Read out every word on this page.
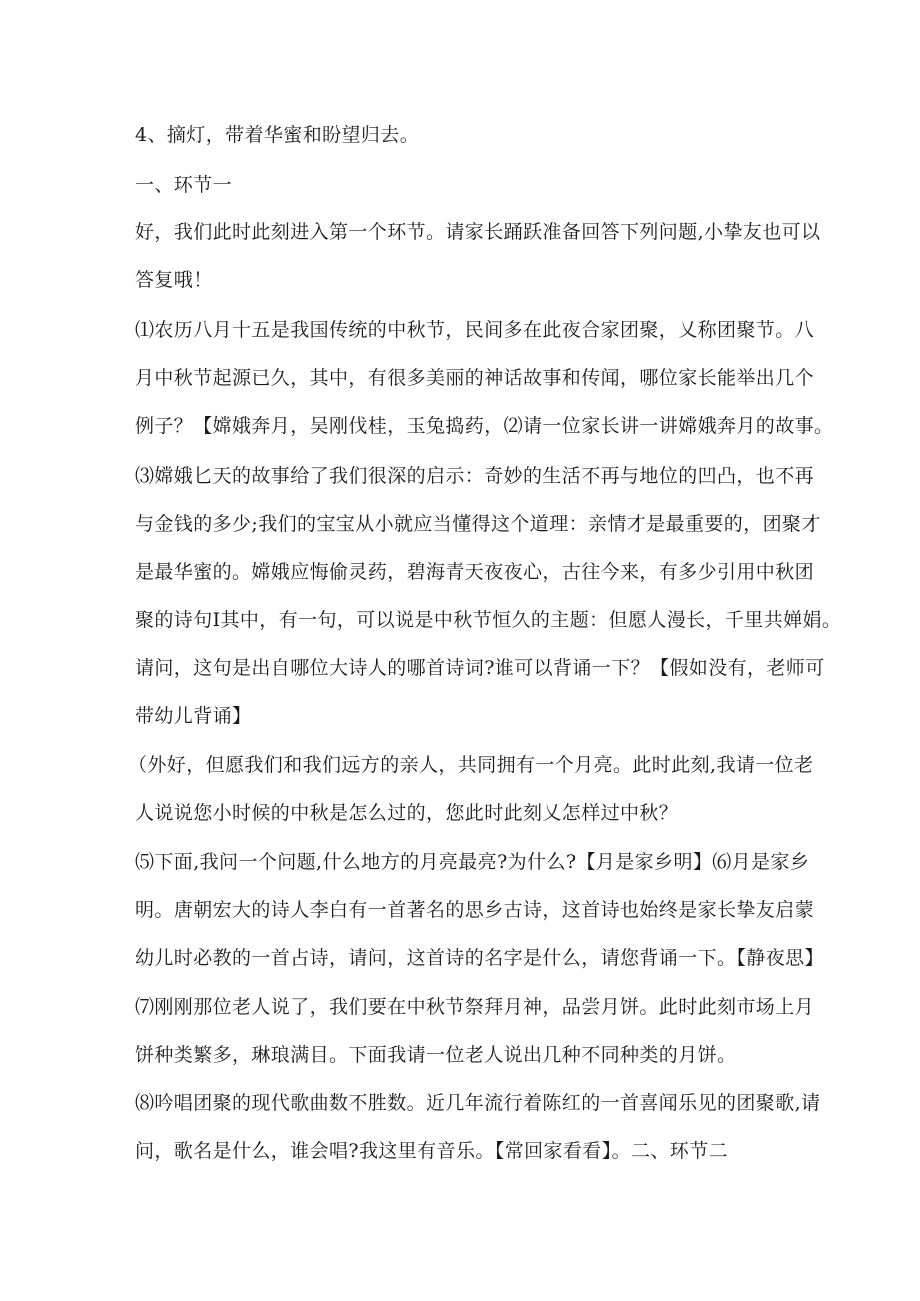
4、摘灯，带着华蜜和盼望归去。
一、环节一
好，我们此时此刻进入第一个环节。请家长踊跃准备回答下列问题,小挚友也可以
答复哦！
⑴农历八月十五是我国传统的中秋节，民间多在此夜合家团聚，乂称团聚节。八
月中秋节起源已久，其中，有很多美丽的神话故事和传闻，哪位家长能举出几个
例子？【嫦娥奔月，吴刚伐桂，玉兔捣药，⑵请一位家长讲一讲嫦娥奔月的故事。
⑶嫦娥匕天的故事给了我们很深的启示：奇妙的生活不再与地位的凹凸，也不再
与金钱的多少;我们的宝宝从小就应当懂得这个道理：亲情才是最重要的，团聚才
是最华蜜的。嫦娥应悔偷灵药，碧海青天夜夜心，古往今来，有多少引用中秋团
聚的诗句I其中，有一句，可以说是中秋节恒久的主题：但愿人漫长，千里共婵娟。
请问，这句是出自哪位大诗人的哪首诗词?谁可以背诵一下？【假如没有，老师可
带幼儿背诵】
（外好，但愿我们和我们远方的亲人，共同拥有一个月亮。此时此刻,我请一位老
人说说您小时候的中秋是怎么过的，您此时此刻乂怎样过中秋？
⑸下面,我问一个问题,什么地方的月亮最亮?为什么?【月是家乡明】⑹月是家乡
明。唐朝宏大的诗人李白有一首著名的思乡古诗，这首诗也始终是家长挚友启蒙
幼儿时必教的一首占诗，请问，这首诗的名字是什么，请您背诵一下。【静夜思】
⑺刚刚那位老人说了，我们要在中秋节祭拜月神，品尝月饼。此时此刻市场上月
饼种类繁多，琳琅满目。下面我请一位老人说出几种不同种类的月饼。
⑻吟唱团聚的现代歌曲数不胜数。近几年流行着陈红的一首喜闻乐见的团聚歌,请
问，歌名是什么，谁会唱?我这里有音乐。【常回家看看】。二、环节二
